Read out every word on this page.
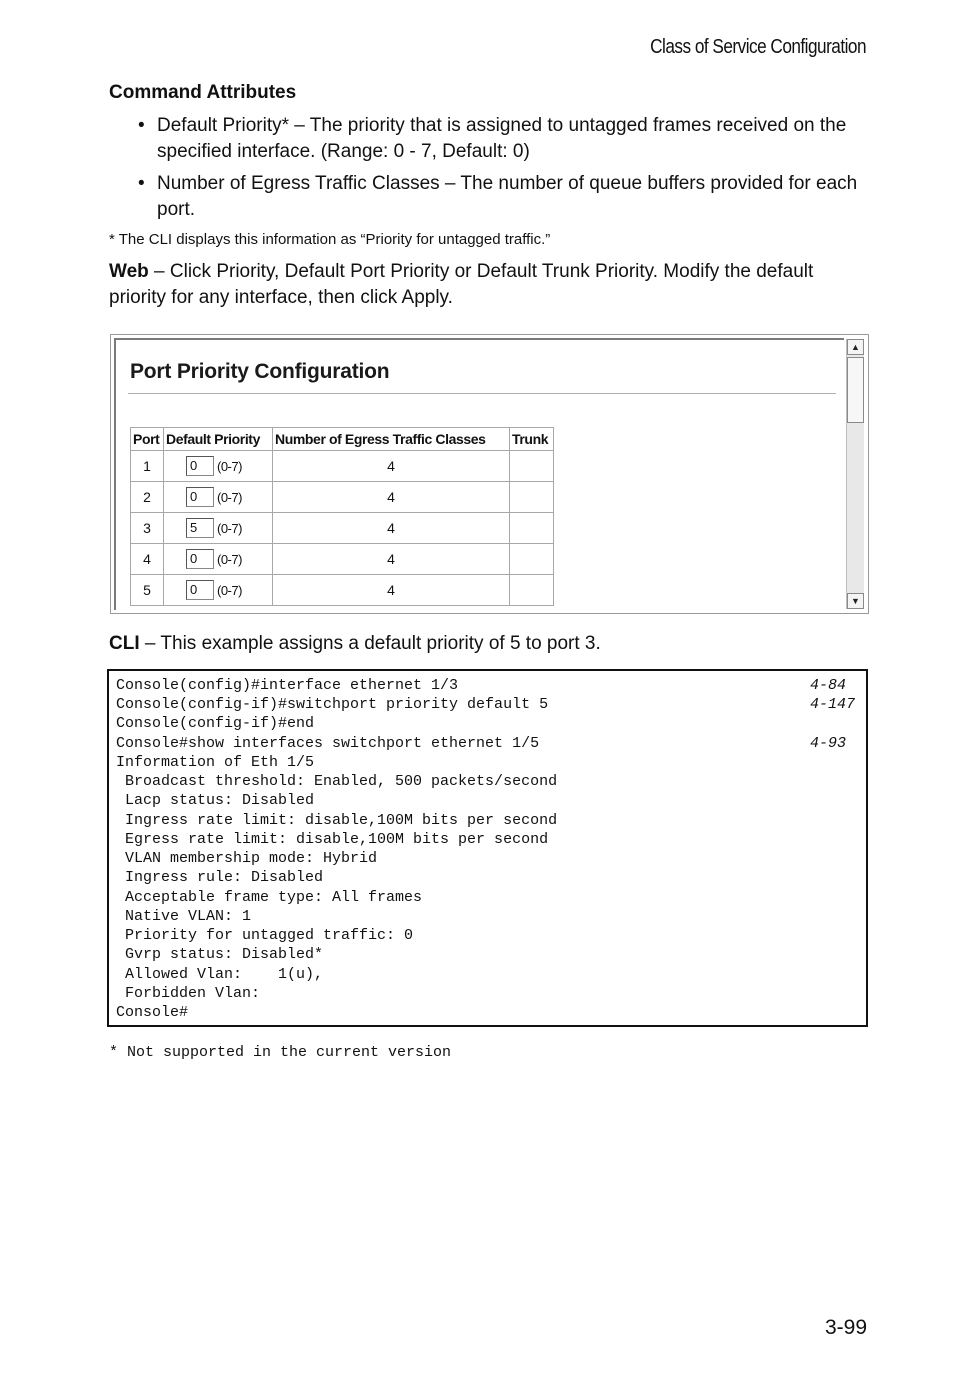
Class of Service Configuration
Command Attributes
• Default Priority* – The priority that is assigned to untagged frames received on the specified interface. (Range: 0 - 7, Default: 0)
• Number of Egress Traffic Classes – The number of queue buffers provided for each port.
* The CLI displays this information as “Priority for untagged traffic.”
Web – Click Priority, Default Port Priority or Default Trunk Priority. Modify the default priority for any interface, then click Apply.
Port Priority Configuration
Port	Default Priority	Number of Egress Traffic Classes	Trunk
1	0 (0-7)	4	
2	0 (0-7)	4	
3	5 (0-7)	4	
4	0 (0-7)	4	
5	0 (0-7)	4	
▲
▼
CLI – This example assigns a default priority of 5 to port 3.
Console(config)#interface ethernet 1/3	4-84
Console(config-if)#switchport priority default 5	4-147
Console(config-if)#end
Console#show interfaces switchport ethernet 1/5	4-93
Information of Eth 1/5
Broadcast threshold: Enabled, 500 packets/second
Lacp status: Disabled
Ingress rate limit: disable,100M bits per second
Egress rate limit: disable,100M bits per second
VLAN membership mode: Hybrid
Ingress rule: Disabled
Acceptable frame type: All frames
Native VLAN: 1
Priority for untagged traffic: 0
Gvrp status: Disabled*
Allowed Vlan:    1(u),
Forbidden Vlan:
Console#
* Not supported in the current version
3-99
